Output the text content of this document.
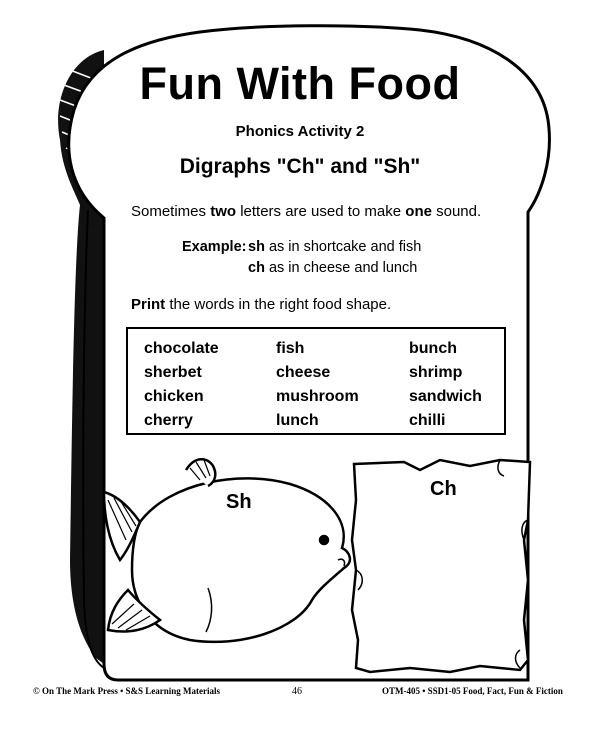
Fun With Food
Phonics Activity 2
Digraphs "Ch" and "Sh"
Sometimes two letters are used to make one sound.
Example: sh as in shortcake and fish
ch as in cheese and lunch
Print the words in the right food shape.
chocolate
sherbet
chicken
cherry
fish
cheese
mushroom
lunch
bunch
shrimp
sandwich
chilli
Sh
Ch
© On The Mark Press • S&S Learning Materials	46	OTM-405 • SSD1-05 Food, Fact, Fun & Fiction
